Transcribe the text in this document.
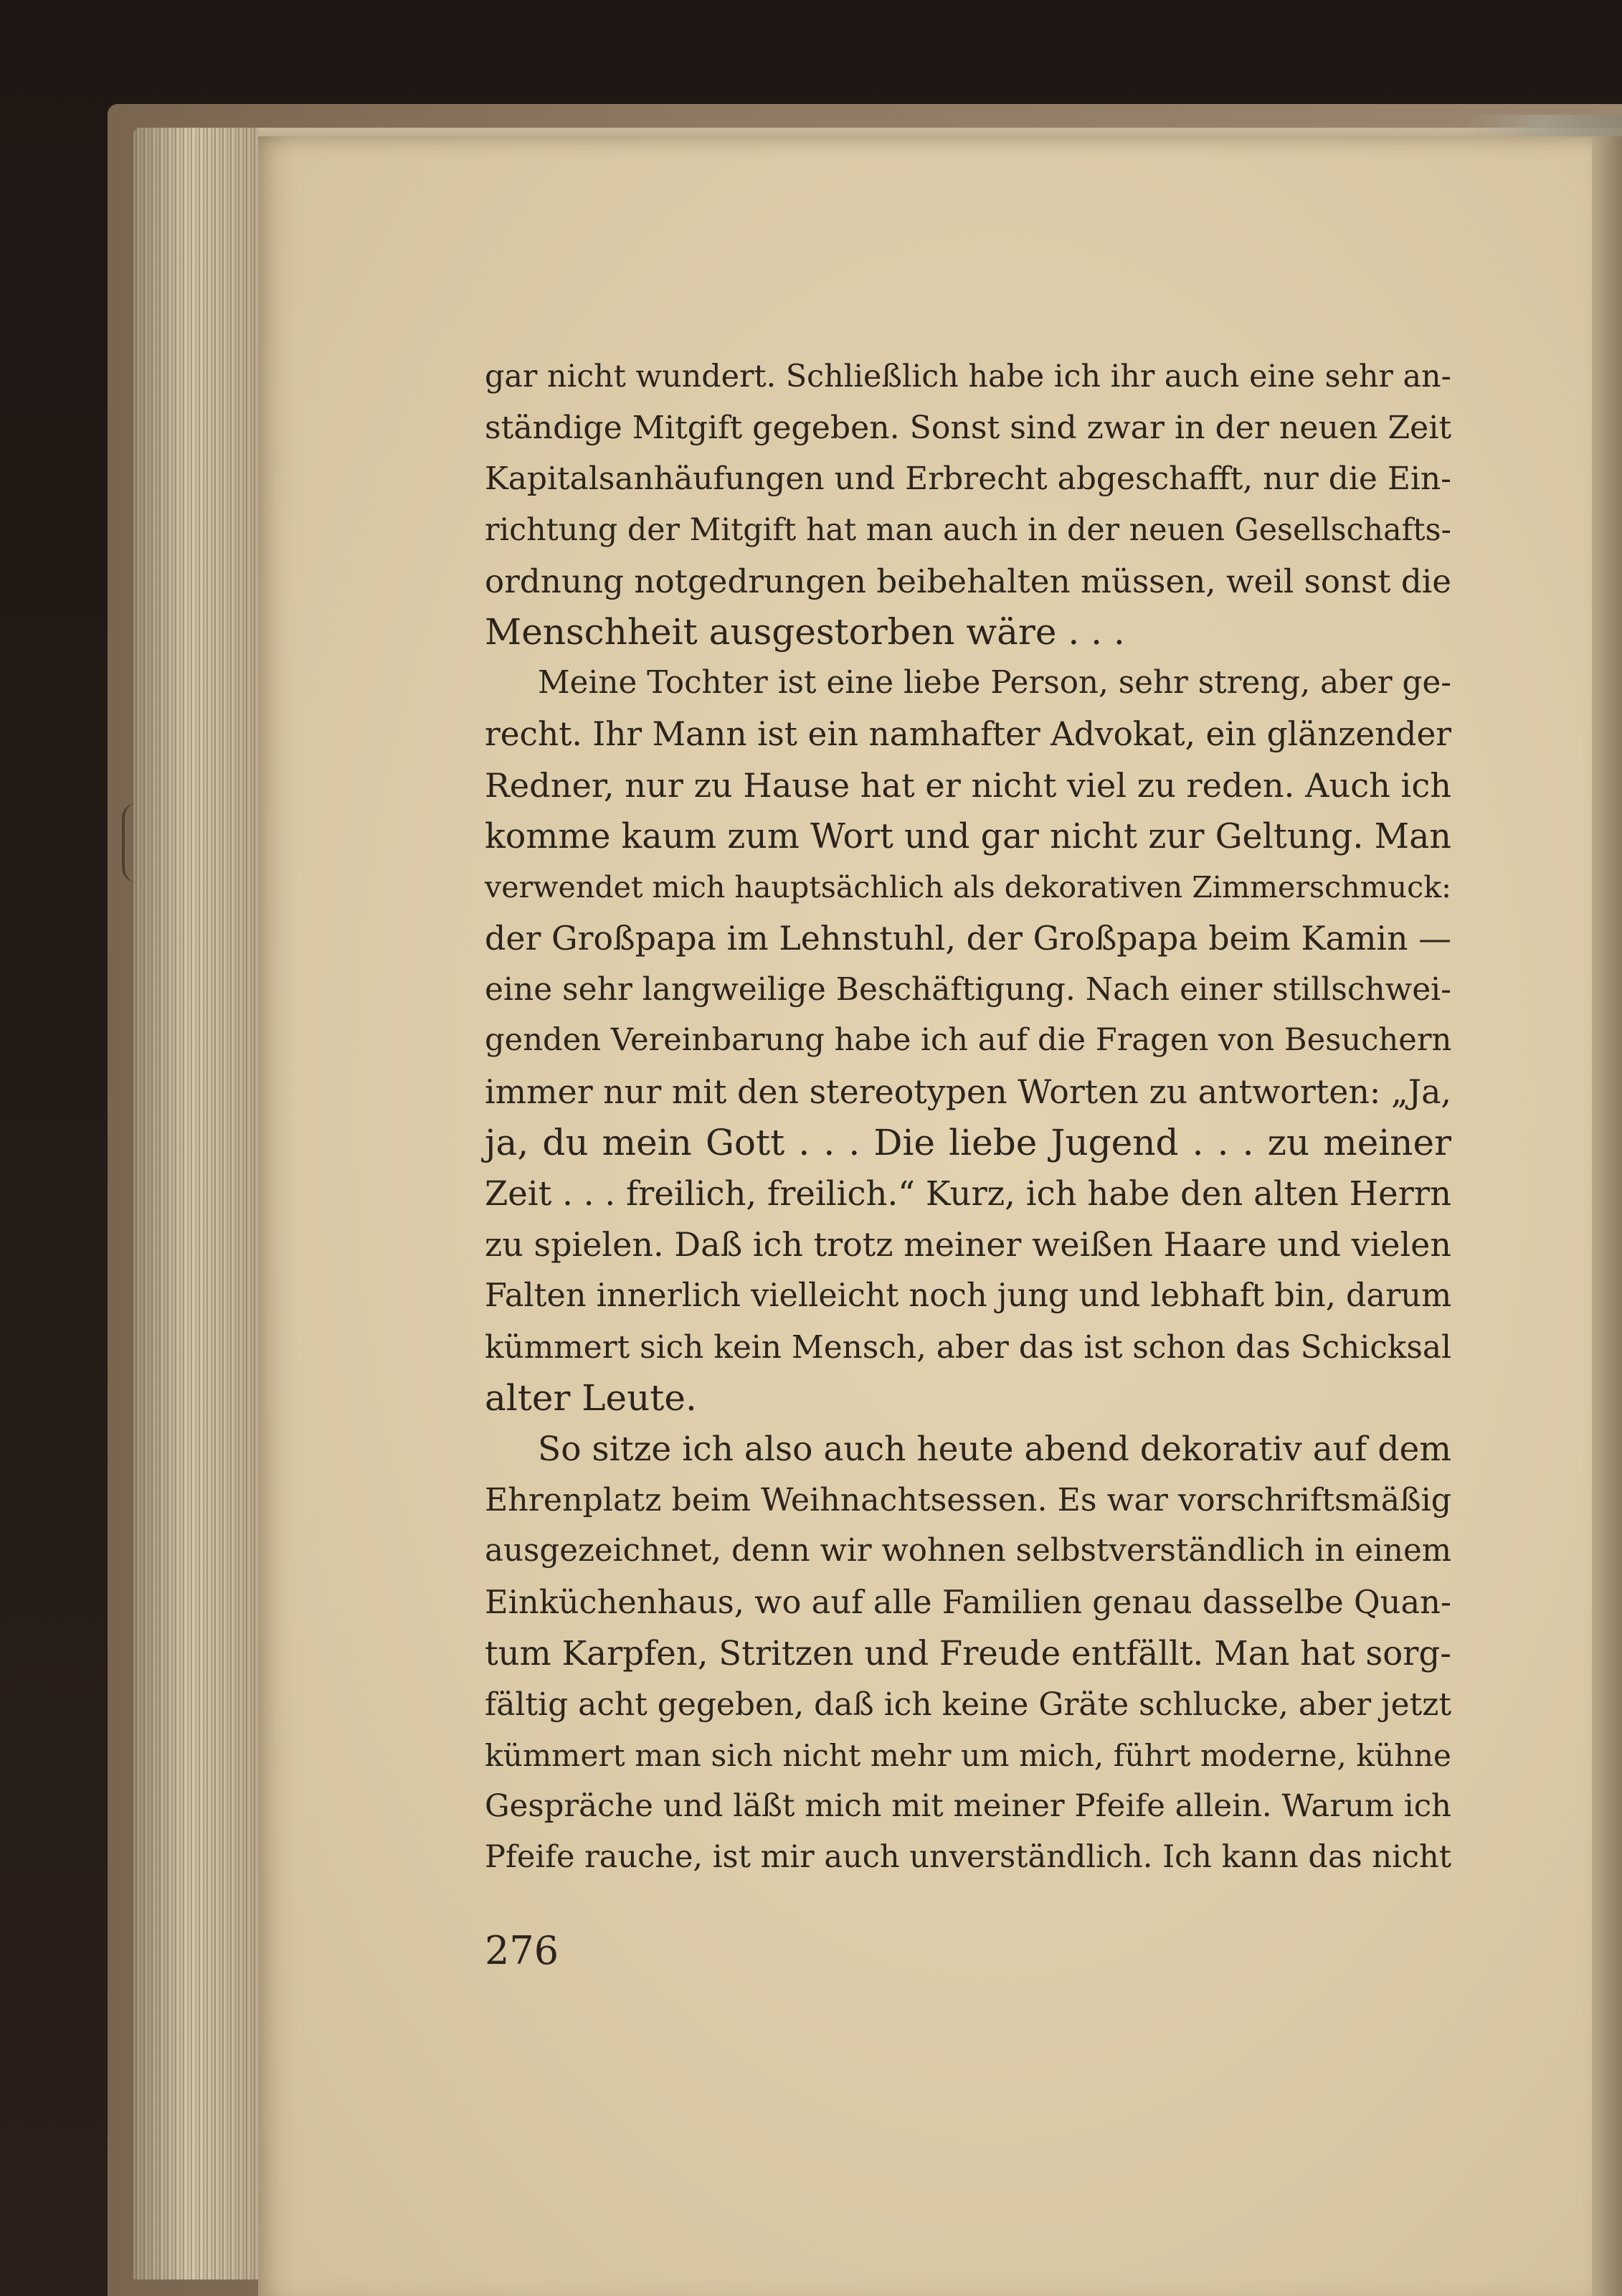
gar nicht wundert. Schließlich habe ich ihr auch eine sehr an-
ständige Mitgift gegeben. Sonst sind zwar in der neuen Zeit
Kapitalsanhäufungen und Erbrecht abgeschafft, nur die Ein-
richtung der Mitgift hat man auch in der neuen Gesellschafts-
ordnung notgedrungen beibehalten müssen, weil sonst die
Menschheit ausgestorben wäre . . .
Meine Tochter ist eine liebe Person, sehr streng, aber ge-
recht. Ihr Mann ist ein namhafter Advokat, ein glänzender
Redner, nur zu Hause hat er nicht viel zu reden. Auch ich
komme kaum zum Wort und gar nicht zur Geltung. Man
verwendet mich hauptsächlich als dekorativen Zimmerschmuck:
der Großpapa im Lehnstuhl, der Großpapa beim Kamin —
eine sehr langweilige Beschäftigung. Nach einer stillschwei-
genden Vereinbarung habe ich auf die Fragen von Besuchern
immer nur mit den stereotypen Worten zu antworten: „Ja,
ja, du mein Gott . . . Die liebe Jugend . . . zu meiner
Zeit . . . freilich, freilich.“ Kurz, ich habe den alten Herrn
zu spielen. Daß ich trotz meiner weißen Haare und vielen
Falten innerlich vielleicht noch jung und lebhaft bin, darum
kümmert sich kein Mensch, aber das ist schon das Schicksal
alter Leute.
So sitze ich also auch heute abend dekorativ auf dem
Ehrenplatz beim Weihnachtsessen. Es war vorschriftsmäßig
ausgezeichnet, denn wir wohnen selbstverständlich in einem
Einküchenhaus, wo auf alle Familien genau dasselbe Quan-
tum Karpfen, Stritzen und Freude entfällt. Man hat sorg-
fältig acht gegeben, daß ich keine Gräte schlucke, aber jetzt
kümmert man sich nicht mehr um mich, führt moderne, kühne
Gespräche und läßt mich mit meiner Pfeife allein. Warum ich
Pfeife rauche, ist mir auch unverständlich. Ich kann das nicht
276
